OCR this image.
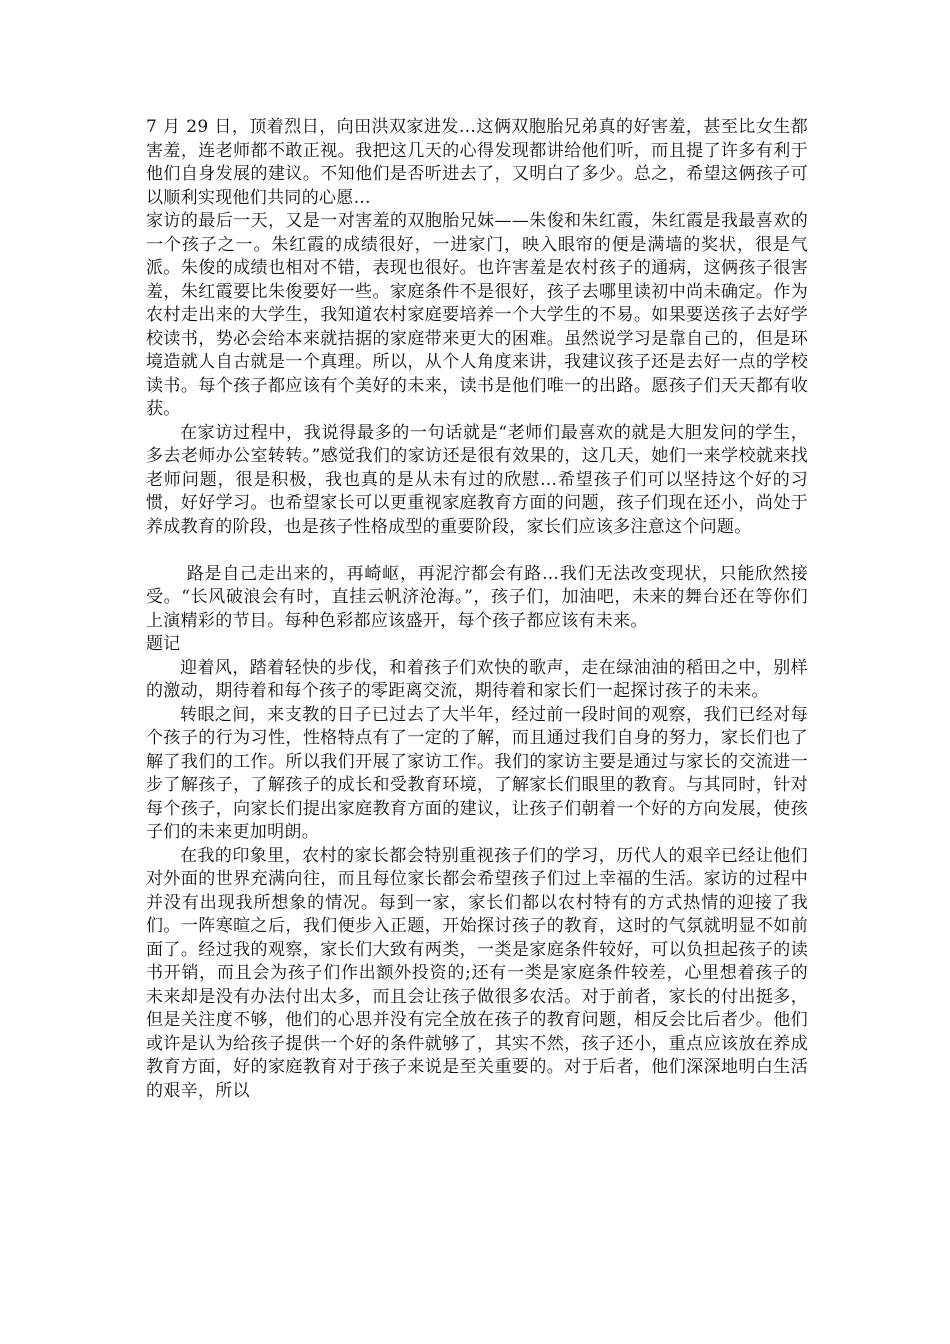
7 月 29 日，顶着烈日，向田洪双家进发…这俩双胞胎兄弟真的好害羞，甚至比女生都害羞，连老师都不敢正视。我把这几天的心得发现都讲给他们听，而且提了许多有利于他们自身发展的建议。不知他们是否听进去了，又明白了多少。总之，希望这俩孩子可以顺利实现他们共同的心愿…

家访的最后一天，又是一对害羞的双胞胎兄妹——朱俊和朱红霞，朱红霞是我最喜欢的一个孩子之一。朱红霞的成绩很好，一进家门，映入眼帘的便是满墙的奖状，很是气派。朱俊的成绩也相对不错，表现也很好。也许害羞是农村孩子的通病，这俩孩子很害羞，朱红霞要比朱俊要好一些。家庭条件不是很好，孩子去哪里读初中尚未确定。作为农村走出来的大学生，我知道农村家庭要培养一个大学生的不易。如果要送孩子去好学校读书，势必会给本来就拮据的家庭带来更大的困难。虽然说学习是靠自己的，但是环境造就人自古就是一个真理。所以，从个人角度来讲，我建议孩子还是去好一点的学校读书。每个孩子都应该有个美好的未来，读书是他们唯一的出路。愿孩子们天天都有收获。

在家访过程中，我说得最多的一句话就是“老师们最喜欢的就是大胆发问的学生，多去老师办公室转转。”感觉我们的家访还是很有效果的，这几天，她们一来学校就来找老师问题，很是积极，我也真的是从未有过的欣慰…希望孩子们可以坚持这个好的习惯，好好学习。也希望家长可以更重视家庭教育方面的问题，孩子们现在还小，尚处于养成教育的阶段，也是孩子性格成型的重要阶段，家长们应该多注意这个问题。

路是自己走出来的，再崎岖，再泥泞都会有路…我们无法改变现状，只能欣然接受。“长风破浪会有时，直挂云帆济沧海。”，孩子们，加油吧，未来的舞台还在等你们上演精彩的节目。每种色彩都应该盛开，每个孩子都应该有未来。

题记

迎着风，踏着轻快的步伐，和着孩子们欢快的歌声，走在绿油油的稻田之中，别样的激动，期待着和每个孩子的零距离交流，期待着和家长们一起探讨孩子的未来。

转眼之间，来支教的日子已过去了大半年，经过前一段时间的观察，我们已经对每个孩子的行为习性，性格特点有了一定的了解，而且通过我们自身的努力，家长们也了解了我们的工作。所以我们开展了家访工作。我们的家访主要是通过与家长的交流进一步了解孩子，了解孩子的成长和受教育环境，了解家长们眼里的教育。与其同时，针对每个孩子，向家长们提出家庭教育方面的建议，让孩子们朝着一个好的方向发展，使孩子们的未来更加明朗。

在我的印象里，农村的家长都会特别重视孩子们的学习，历代人的艰辛已经让他们对外面的世界充满向往，而且每位家长都会希望孩子们过上幸福的生活。家访的过程中并没有出现我所想象的情况。每到一家，家长们都以农村特有的方式热情的迎接了我们。一阵寒暄之后，我们便步入正题，开始探讨孩子的教育，这时的气氛就明显不如前面了。经过我的观察，家长们大致有两类，一类是家庭条件较好，可以负担起孩子的读书开销，而且会为孩子们作出额外投资的;还有一类是家庭条件较差，心里想着孩子的未来却是没有办法付出太多，而且会让孩子做很多农活。对于前者，家长的付出挺多，但是关注度不够，他们的心思并没有完全放在孩子的教育问题，相反会比后者少。他们或许是认为给孩子提供一个好的条件就够了，其实不然，孩子还小，重点应该放在养成教育方面，好的家庭教育对于孩子来说是至关重要的。对于后者，他们深深地明白生活的艰辛，所以
